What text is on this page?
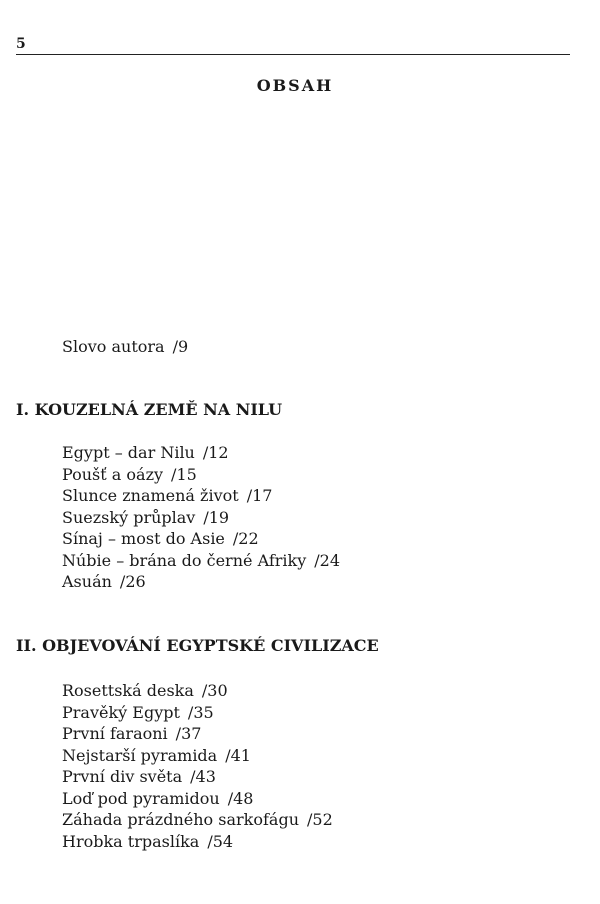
5
OBSAH
Slovo autora /9
I. KOUZELNÁ ZEMĚ NA NILU
Egypt – dar Nilu /12
Poušť a oázy /15
Slunce znamená život /17
Suezský průplav /19
Sínaj – most do Asie /22
Núbie – brána do černé Afriky /24
Asuán /26
II. OBJEVOVÁNÍ EGYPTSKÉ CIVILIZACE
Rosettská deska /30
Pravěký Egypt /35
První faraoni /37
Nejstarší pyramida /41
První div světa /43
Loď pod pyramidou /48
Záhada prázdného sarkofágu /52
Hrobka trpaslíka /54
